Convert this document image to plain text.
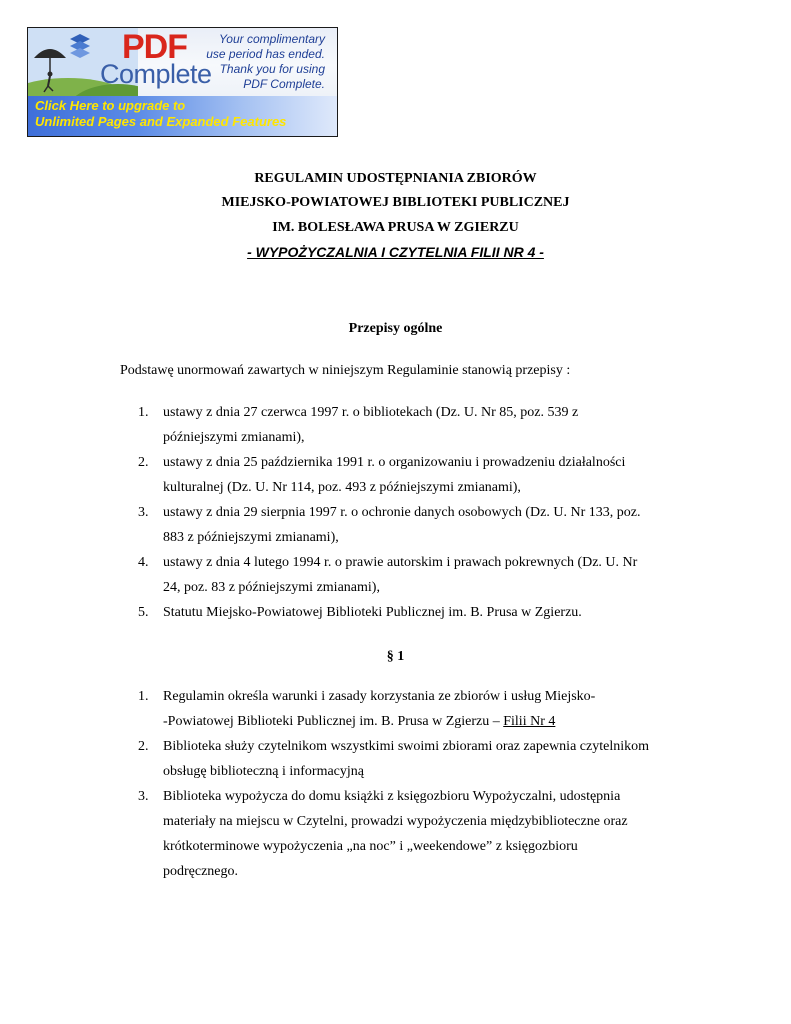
PDF
Complete
Your complimentary
use period has ended.
Thank you for using
PDF Complete.
Click Here to upgrade to
Unlimited Pages and Expanded Features
REGULAMIN UDOSTĘPNIANIA ZBIORÓW
MIEJSKO-POWIATOWEJ BIBLIOTEKI PUBLICZNEJ
IM. BOLESŁAWA PRUSA W ZGIERZU
- WYPOŻYCZALNIA I CZYTELNIA FILII NR 4 -
Przepisy ogólne
Podstawę unormowań zawartych w niniejszym Regulaminie stanowią przepisy :
1. ustawy z dnia 27 czerwca 1997 r. o bibliotekach (Dz. U. Nr 85, poz. 539 z
późniejszymi zmianami),
2. ustawy z dnia 25 października 1991 r. o organizowaniu i prowadzeniu działalności
kulturalnej (Dz. U. Nr 114, poz. 493 z późniejszymi zmianami),
3. ustawy z dnia 29 sierpnia 1997 r. o ochronie danych osobowych (Dz. U. Nr 133, poz.
883 z późniejszymi zmianami),
4. ustawy z dnia 4 lutego 1994 r. o prawie autorskim i prawach pokrewnych (Dz. U. Nr
24, poz. 83 z późniejszymi zmianami),
5. Statutu Miejsko-Powiatowej Biblioteki Publicznej im. B. Prusa w Zgierzu.
§ 1
1. Regulamin określa warunki i zasady korzystania ze zbiorów i usług Miejsko-
-Powiatowej Biblioteki Publicznej im. B. Prusa w Zgierzu – Filii Nr 4
2. Biblioteka służy czytelnikom wszystkimi swoimi zbiorami oraz zapewnia czytelnikom
obsługę biblioteczną i informacyjną
3. Biblioteka wypożycza do domu książki z księgozbioru Wypożyczalni, udostępnia
materiały na miejscu w Czytelni, prowadzi wypożyczenia międzybiblioteczne oraz
krótkoterminowe wypożyczenia „na noc” i „weekendowe” z księgozbioru
podręcznego.
